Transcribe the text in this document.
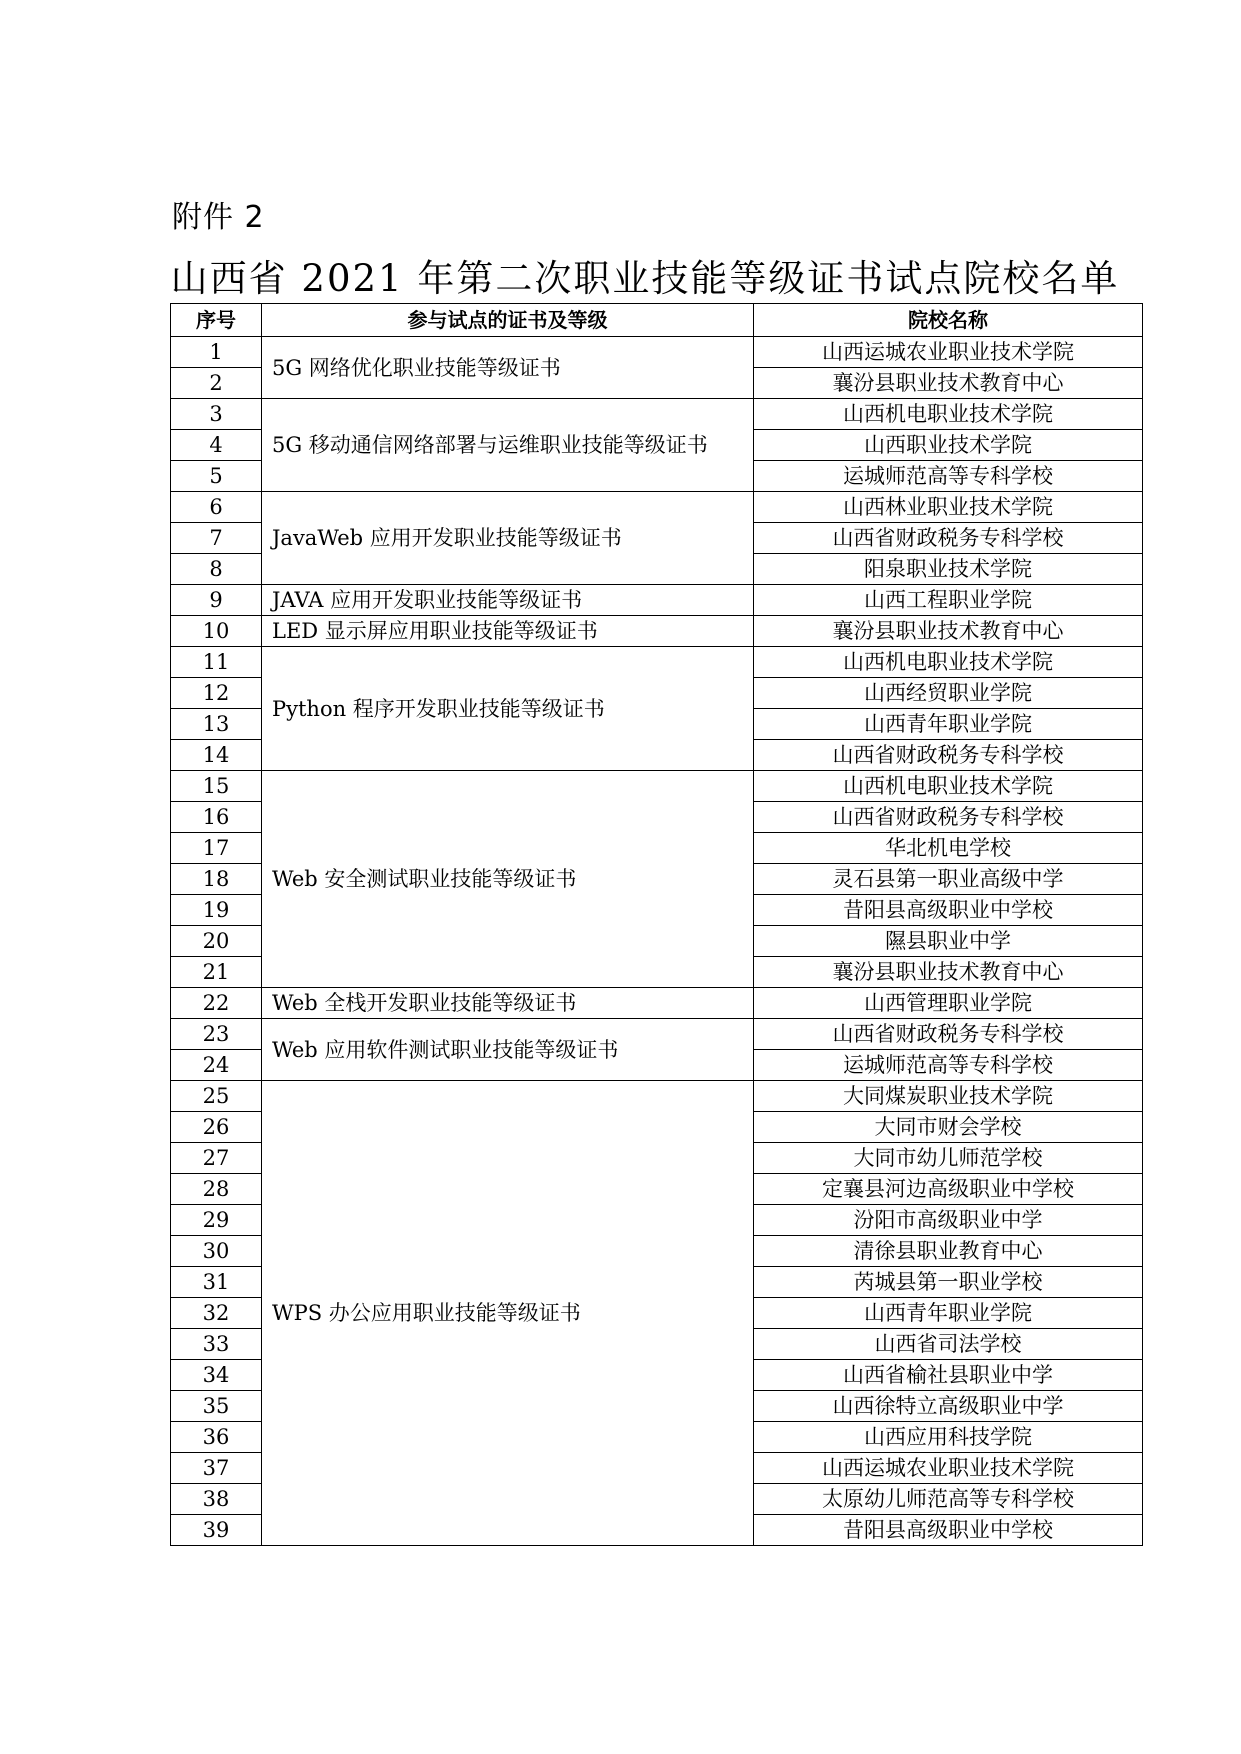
附件 2
山西省 2021 年第二次职业技能等级证书试点院校名单
序号	参与试点的证书及等级	院校名称
1	5G 网络优化职业技能等级证书	山西运城农业职业技术学院
2		襄汾县职业技术教育中心
3	5G 移动通信网络部署与运维职业技能等级证书	山西机电职业技术学院
4		山西职业技术学院
5		运城师范高等专科学校
6	JavaWeb 应用开发职业技能等级证书	山西林业职业技术学院
7		山西省财政税务专科学校
8		阳泉职业技术学院
9	JAVA 应用开发职业技能等级证书	山西工程职业学院
10	LED 显示屏应用职业技能等级证书	襄汾县职业技术教育中心
11	Python 程序开发职业技能等级证书	山西机电职业技术学院
12		山西经贸职业学院
13		山西青年职业学院
14		山西省财政税务专科学校
15	Web 安全测试职业技能等级证书	山西机电职业技术学院
16		山西省财政税务专科学校
17		华北机电学校
18		灵石县第一职业高级中学
19		昔阳县高级职业中学校
20		隰县职业中学
21		襄汾县职业技术教育中心
22	Web 全栈开发职业技能等级证书	山西管理职业学院
23	Web 应用软件测试职业技能等级证书	山西省财政税务专科学校
24		运城师范高等专科学校
25	WPS 办公应用职业技能等级证书	大同煤炭职业技术学院
26		大同市财会学校
27		大同市幼儿师范学校
28		定襄县河边高级职业中学校
29		汾阳市高级职业中学
30		清徐县职业教育中心
31		芮城县第一职业学校
32		山西青年职业学院
33		山西省司法学校
34		山西省榆社县职业中学
35		山西徐特立高级职业中学
36		山西应用科技学院
37		山西运城农业职业技术学院
38		太原幼儿师范高等专科学校
39		昔阳县高级职业中学校
